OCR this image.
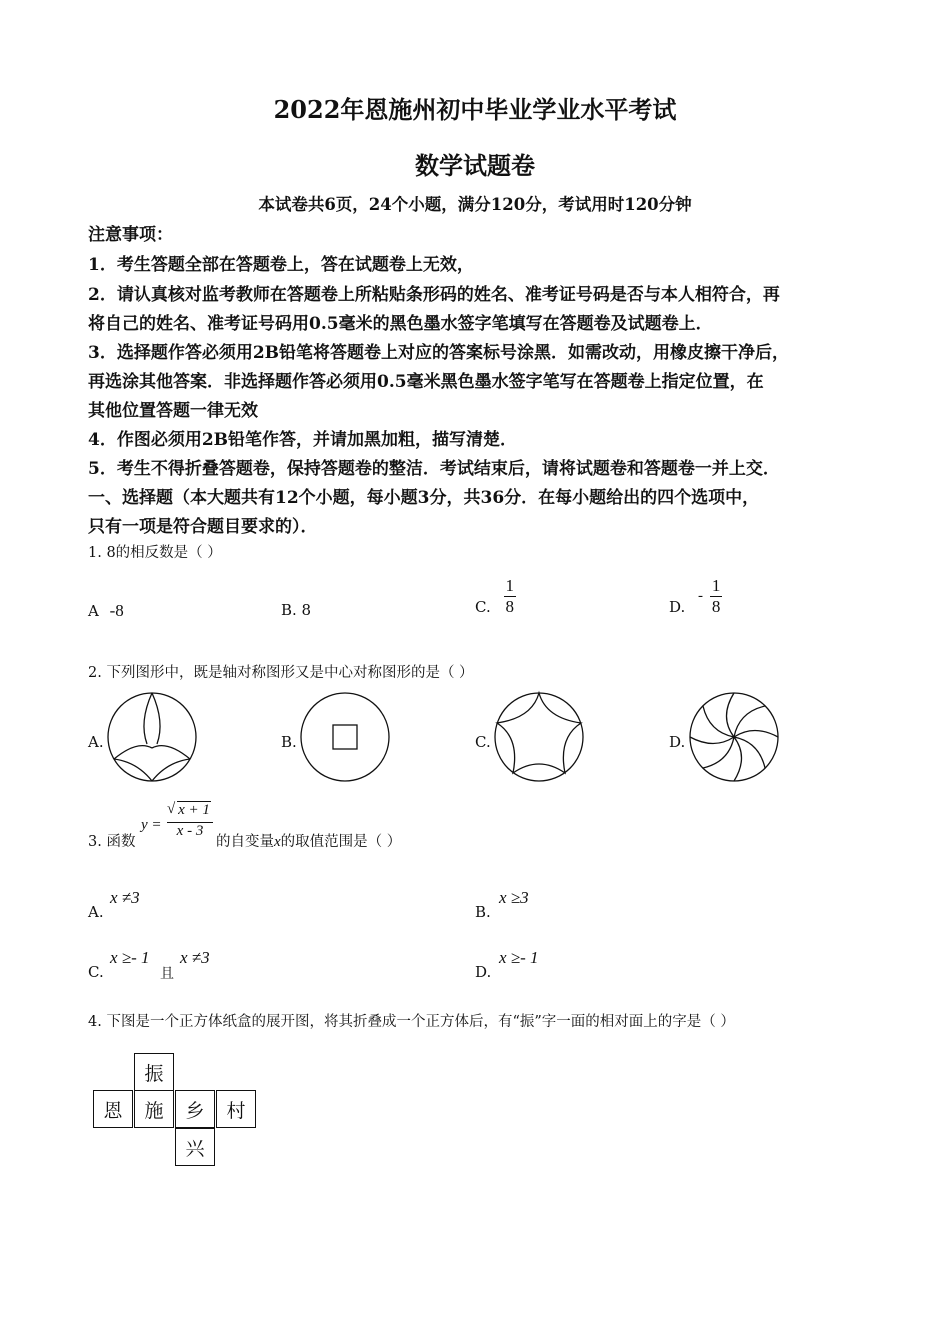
2022年恩施州初中毕业学业水平考试
数学试题卷
本试卷共6页，24个小题，满分120分，考试用时120分钟
注意事项：
1．考生答题全部在答题卷上，答在试题卷上无效，
2．请认真核对监考教师在答题卷上所粘贴条形码的姓名、准考证号码是否与本人相符合，再
将自己的姓名、准考证号码用0.5毫米的黑色墨水签字笔填写在答题卷及试题卷上．
3．选择题作答必须用2B铅笔将答题卷上对应的答案标号涂黑．如需改动，用橡皮擦干净后，
再选涂其他答案．非选择题作答必须用0.5毫米黑色墨水签字笔写在答题卷上指定位置，在
其他位置答题一律无效
4．作图必须用2B铅笔作答，并请加黑加粗，描写清楚．
5．考生不得折叠答题卷，保持答题卷的整洁．考试结束后，请将试题卷和答题卷一并上交．
一、选择题（本大题共有12个小题，每小题3分，共36分．在每小题给出的四个选项中，
只有一项是符合题目要求的）．
1. 8的相反数是（ ）
A -8	B. 8	C. $\frac{1}{8}$	D. - $\frac{1}{8}$
2. 下列图形中，既是轴对称图形又是中心对称图形的是（ ）
A.	B.	C.	D.
3. 函数
$y = \frac{√ x + 1}{x - 3}$
的自变量x的取值范围是（ ）
A.
x ≠3
B.
x ≥3
C.
x ≥- 1
且
x ≠3
D.
x ≥- 1
4. 下图是一个正方体纸盒的展开图，将其折叠成一个正方体后，有“振”字一面的相对面上的字是（ ）
振
恩	施	乡	村
兴
